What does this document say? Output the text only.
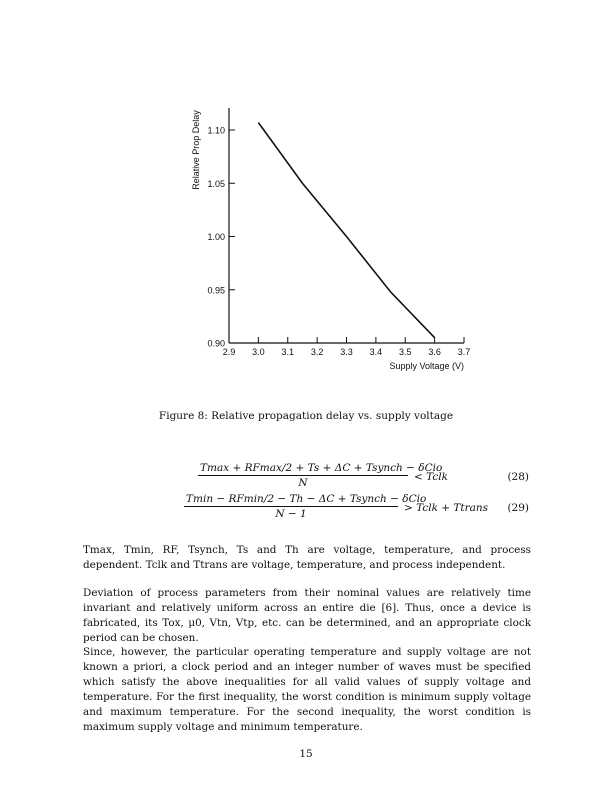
2.9 3.0 3.1 3.2 3.3 3.4 3.5 3.6 3.7
0.90
0.95
1.00
1.05
1.10
Supply Voltage (V)
Relative Prop Delay
Figure 8: Relative propagation delay vs. supply voltage
Tmax + RFmax/2 + Ts + ΔC + Tsynch − δCio
N	< Tclk	(28)
Tmin − RFmin/2 − Th − ΔC + Tsynch − δCio
N − 1	> Tclk + Ttrans (29)
Tmax, Tmin, RF, Tsynch, Ts and Th are voltage, temperature, and process dependent. Tclk and Ttrans are voltage, temperature, and process independent.
Deviation of process parameters from their nominal values are relatively time invariant and relatively uniform across an entire die [6]. Thus, once a device is fabricated, its Tox, μ0, Vtn, Vtp, etc. can be determined, and an appropriate clock period can be chosen.
Since, however, the particular operating temperature and supply voltage are not known a priori, a clock period and an integer number of waves must be specified which satisfy the above inequalities for all valid values of supply voltage and temperature. For the first inequality, the worst condition is minimum supply voltage and maximum temperature. For the second inequality, the worst condition is maximum supply voltage and minimum temperature.
15
